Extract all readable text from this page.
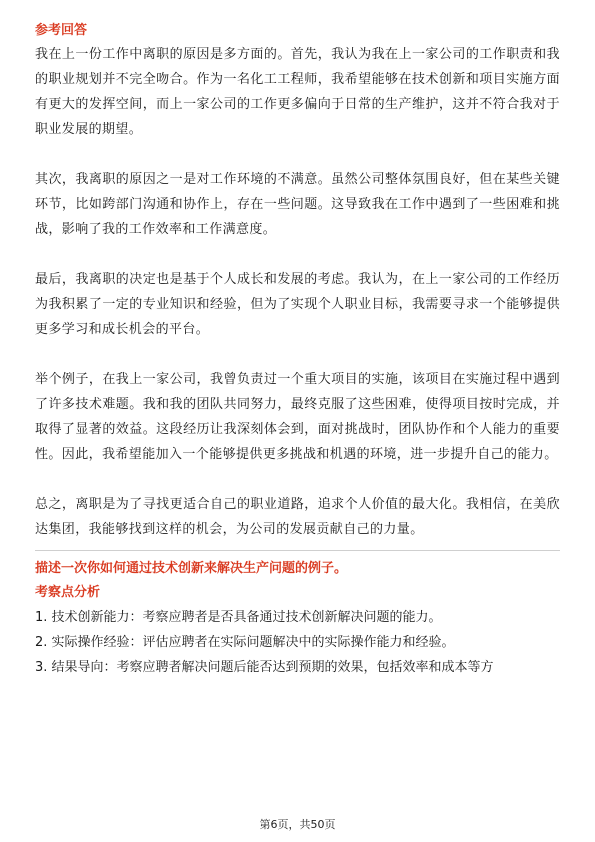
参考回答

我在上一份工作中离职的原因是多方面的。首先，我认为我在上一家公司的工作职责和我的职业规划并不完全吻合。作为一名化工工程师，我希望能够在技术创新和项目实施方面有更大的发挥空间，而上一家公司的工作更多偏向于日常的生产维护，这并不符合我对于职业发展的期望。

其次，我离职的原因之一是对工作环境的不满意。虽然公司整体氛围良好，但在某些关键环节，比如跨部门沟通和协作上，存在一些问题。这导致我在工作中遇到了一些困难和挑战，影响了我的工作效率和工作满意度。

最后，我离职的决定也是基于个人成长和发展的考虑。我认为，在上一家公司的工作经历为我积累了一定的专业知识和经验，但为了实现个人职业目标，我需要寻求一个能够提供更多学习和成长机会的平台。

举个例子，在我上一家公司，我曾负责过一个重大项目的实施，该项目在实施过程中遇到了许多技术难题。我和我的团队共同努力，最终克服了这些困难，使得项目按时完成，并取得了显著的效益。这段经历让我深刻体会到，面对挑战时，团队协作和个人能力的重要性。因此，我希望能加入一个能够提供更多挑战和机遇的环境，进一步提升自己的能力。

总之，离职是为了寻找更适合自己的职业道路，追求个人价值的最大化。我相信，在美欣达集团，我能够找到这样的机会，为公司的发展贡献自己的力量。

描述一次你如何通过技术创新来解决生产问题的例子。

考察点分析

1. 技术创新能力：考察应聘者是否具备通过技术创新解决问题的能力。

2. 实际操作经验：评估应聘者在实际问题解决中的实际操作能力和经验。

3. 结果导向：考察应聘者解决问题后能否达到预期的效果，包括效率和成本等方

第6页，共50页
